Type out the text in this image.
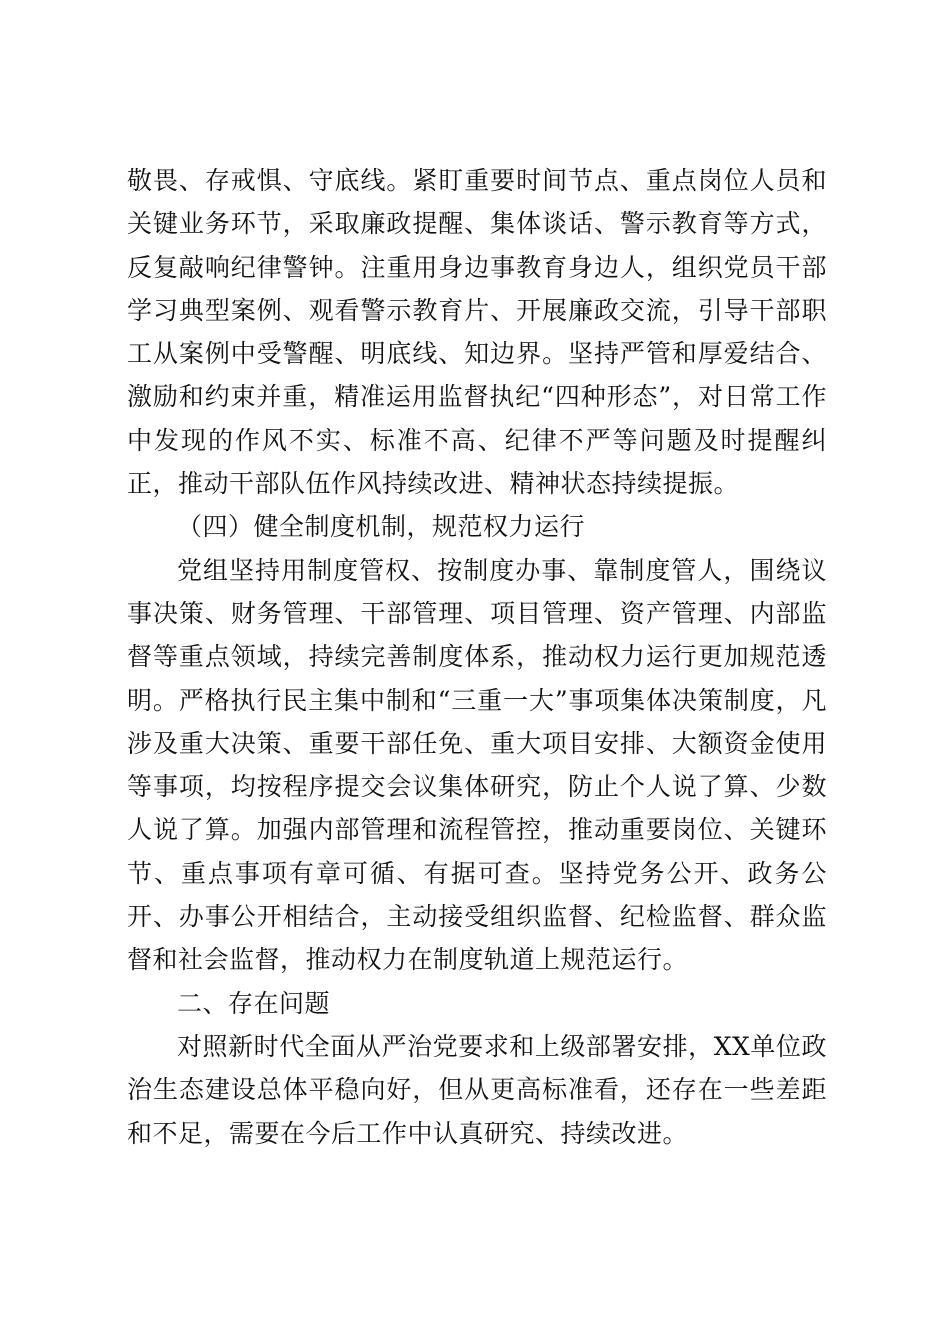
敬畏、存戒惧、守底线。紧盯重要时间节点、重点岗位人员和关键业务环节，采取廉政提醒、集体谈话、警示教育等方式，反复敲响纪律警钟。注重用身边事教育身边人，组织党员干部学习典型案例、观看警示教育片、开展廉政交流，引导干部职工从案例中受警醒、明底线、知边界。坚持严管和厚爱结合、激励和约束并重，精准运用监督执纪“四种形态”，对日常工作中发现的作风不实、标准不高、纪律不严等问题及时提醒纠正，推动干部队伍作风持续改进、精神状态持续提振。

（四）健全制度机制，规范权力运行

党组坚持用制度管权、按制度办事、靠制度管人，围绕议事决策、财务管理、干部管理、项目管理、资产管理、内部监督等重点领域，持续完善制度体系，推动权力运行更加规范透明。严格执行民主集中制和“三重一大”事项集体决策制度，凡涉及重大决策、重要干部任免、重大项目安排、大额资金使用等事项，均按程序提交会议集体研究，防止个人说了算、少数人说了算。加强内部管理和流程管控，推动重要岗位、关键环节、重点事项有章可循、有据可查。坚持党务公开、政务公开、办事公开相结合，主动接受组织监督、纪检监督、群众监督和社会监督，推动权力在制度轨道上规范运行。

二、存在问题

对照新时代全面从严治党要求和上级部署安排，XX单位政治生态建设总体平稳向好，但从更高标准看，还存在一些差距和不足，需要在今后工作中认真研究、持续改进。
